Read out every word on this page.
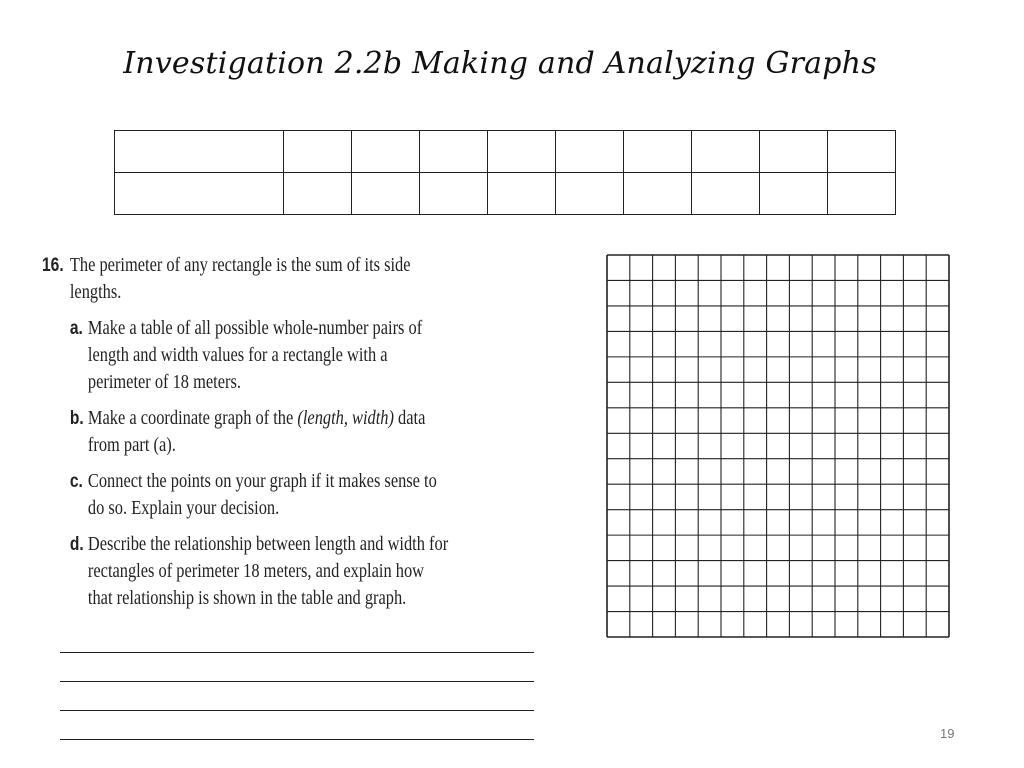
Investigation 2.2b Making and Analyzing Graphs

16. The perimeter of any rectangle is the sum of its side lengths.
a. Make a table of all possible whole-number pairs of length and width values for a rectangle with a perimeter of 18 meters.
b. Make a coordinate graph of the (length, width) data from part (a).
c. Connect the points on your graph if it makes sense to do so. Explain your decision.
d. Describe the relationship between length and width for rectangles of perimeter 18 meters, and explain how that relationship is shown in the table and graph.
19
